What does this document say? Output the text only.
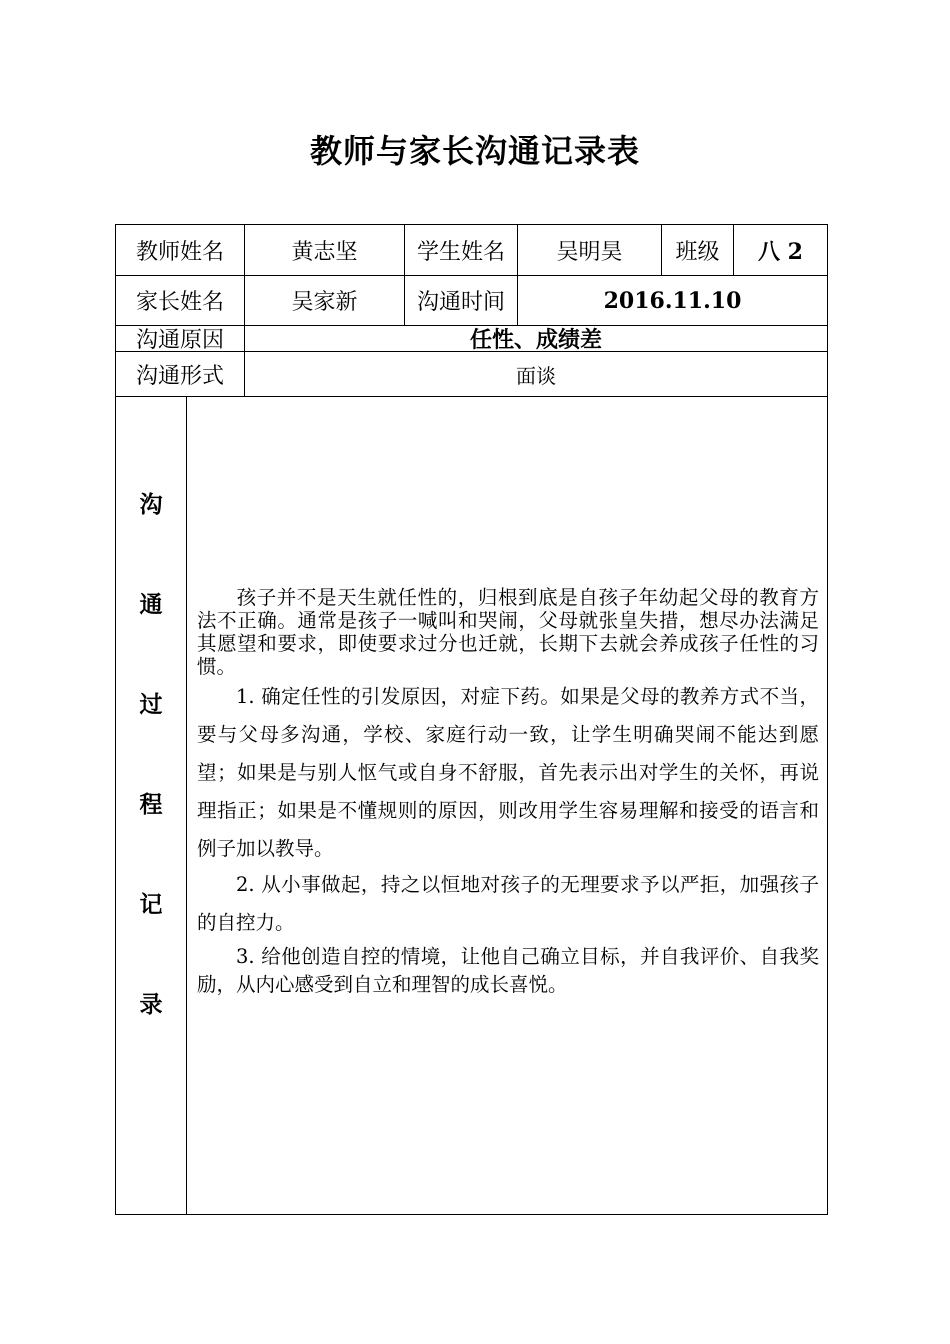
教师与家长沟通记录表
教师姓名	黄志坚	学生姓名	吴明昊	班级	八 2
家长姓名	吴家新	沟通时间	2016.11.10
沟通原因	任性、成绩差
沟通形式	面谈
沟
通
过
程
记
录
孩子并不是天生就任性的，归根到底是自孩子年幼起父母的教育方法不正确。通常是孩子一喊叫和哭闹，父母就张皇失措，想尽办法满足其愿望和要求，即使要求过分也迁就，长期下去就会养成孩子任性的习惯。
1. 确定任性的引发原因，对症下药。如果是父母的教养方式不当，要与父母多沟通，学校、家庭行动一致，让学生明确哭闹不能达到愿望；如果是与别人怄气或自身不舒服，首先表示出对学生的关怀，再说理指正；如果是不懂规则的原因，则改用学生容易理解和接受的语言和例子加以教导。
2. 从小事做起，持之以恒地对孩子的无理要求予以严拒，加强孩子的自控力。
3. 给他创造自控的情境，让他自己确立目标，并自我评价、自我奖励，从内心感受到自立和理智的成长喜悦。
